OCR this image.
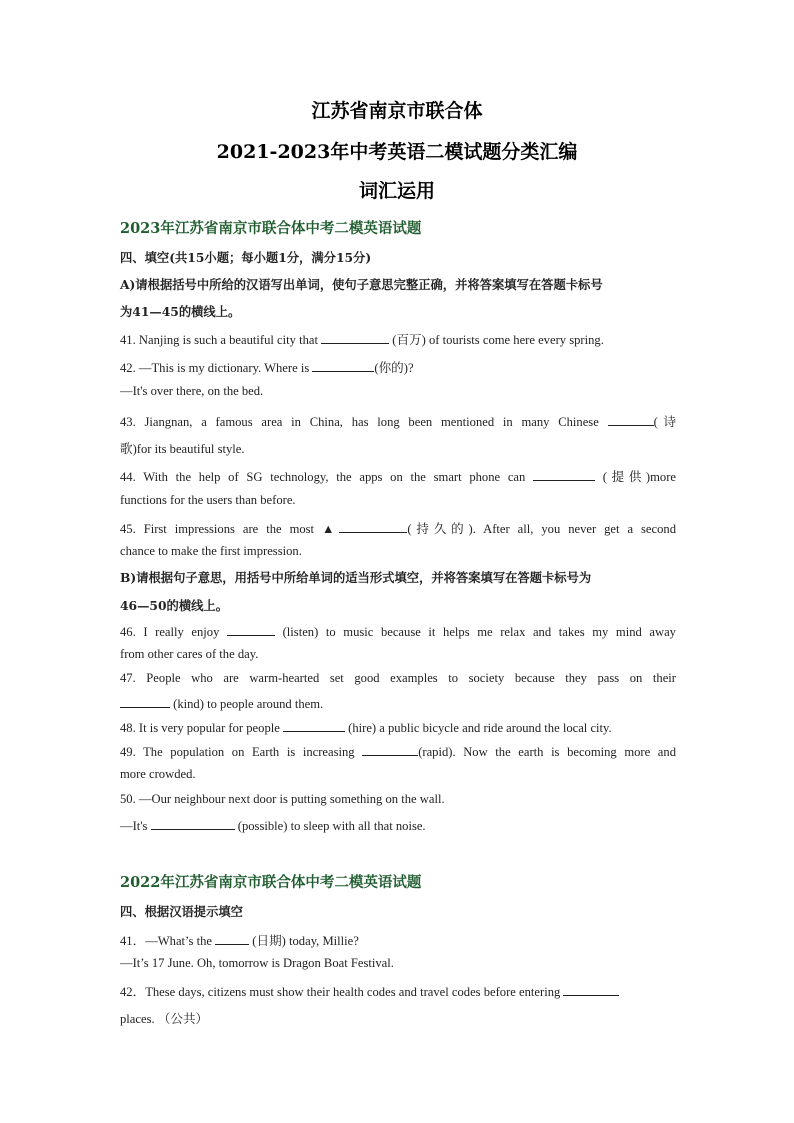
江苏省南京市联合体
2021-2023年中考英语二模试题分类汇编
词汇运用
2023年江苏省南京市联合体中考二模英语试题
四、填空(共15小题；每小题1分，满分15分)
A)请根据括号中所给的汉语写出单词，使句子意思完整正确，并将答案填写在答题卡标号
为41—45的横线上。
41. Nanjing is such a beautiful city that	(百万) of tourists come here every spring.
42. —This is my dictionary. Where is	(你的)?
—It's over there, on the bed.
43. Jiangnan, a famous area in China, has long been mentioned in many Chinese	(诗
歌)for its beautiful style.
44. With the help of SG technology, the apps on the smart phone can	(提供)more
functions for the users than before.
45. First impressions are the most ▲	(持久的). After all, you never get a second
chance to make the first impression.
B)请根据句子意思，用括号中所给单词的适当形式填空，并将答案填写在答题卡标号为
46—50的横线上。
46. I really enjoy	(listen) to music because it helps me relax and takes my mind away
from other cares of the day.
47. People who are warm-hearted set good examples to society because they pass on their
(kind) to people around them.
48. It is very popular for people	(hire) a public bicycle and ride around the local city.
49. The population on Earth is increasing	(rapid). Now the earth is becoming more and
more crowded.
50. —Our neighbour next door is putting something on the wall.
—It's	(possible) to sleep with all that noise.
2022年江苏省南京市联合体中考二模英语试题
四、根据汉语提示填空
41．—What’s the	(日期) today, Millie?
—It’s 17 June. Oh, tomorrow is Dragon Boat Festival.
42．These days, citizens must show their health codes and travel codes before entering
places. （公共）
